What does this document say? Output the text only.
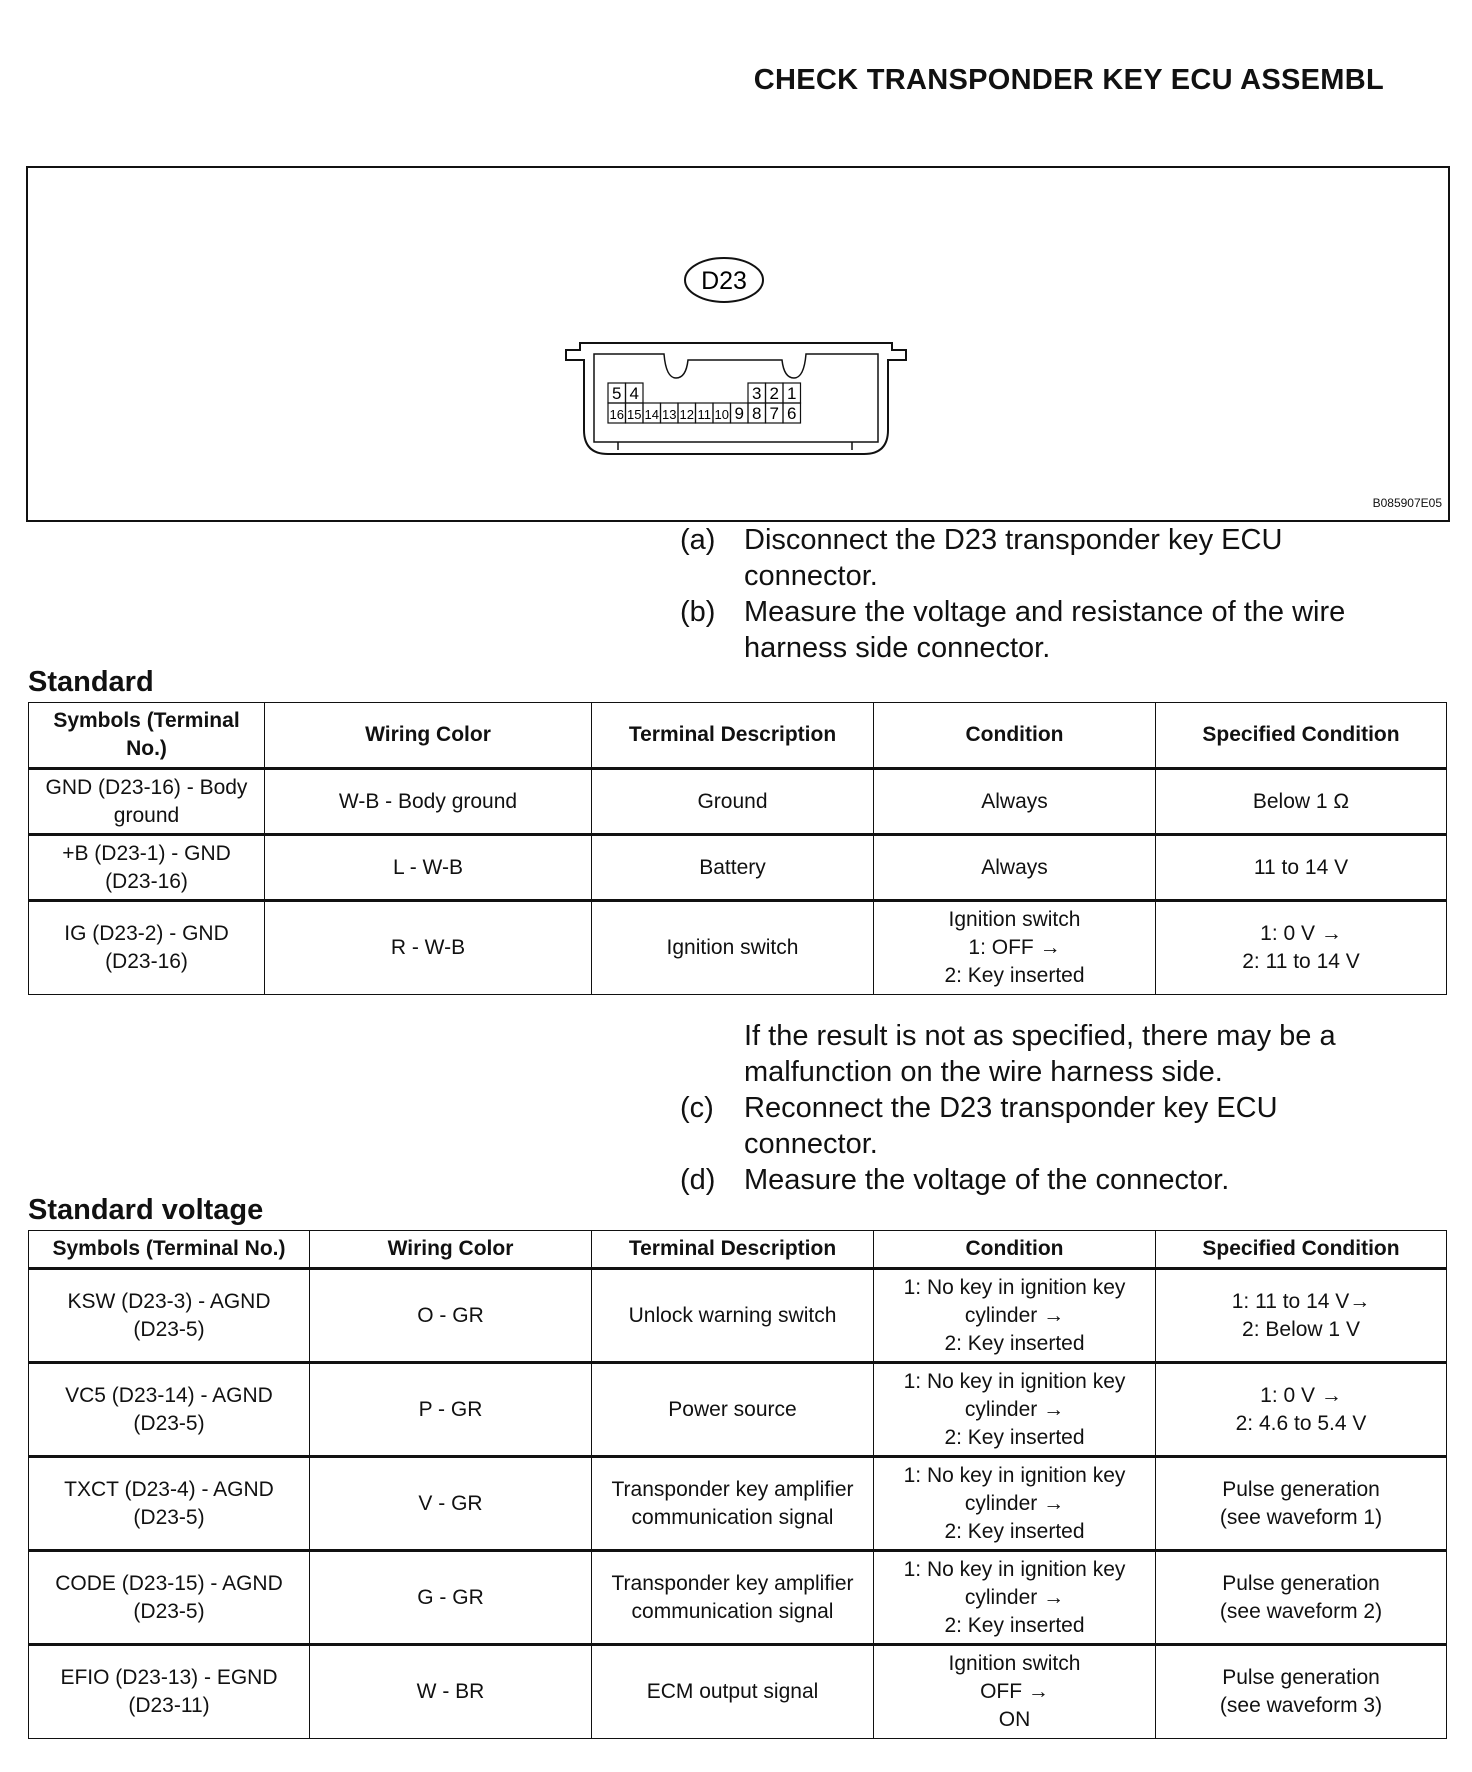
CHECK TRANSPONDER KEY ECU ASSEMBL
D23
5 4
16 15 14 13 12 11 10 9 8 7 6
3 2 1
B085907E05
(a) Disconnect the D23 transponder key ECU
connector.
(b) Measure the voltage and resistance of the wire
harness side connector.
Standard
Symbols (Terminal
No.)	Wiring Color	Terminal Description	Condition	Specified Condition

GND (D23-16) - Body
ground	W-B - Body ground	Ground	Always	Below 1 Ω

+B (D23-1) - GND
(D23-16)	L - W-B	Battery	Always	11 to 14 V

IG (D23-2) - GND
(D23-16)	R - W-B	Ignition switch	Ignition switch
1: OFF →
2: Key inserted	1: 0 V →
2: 11 to 14 V
If the result is not as specified, there may be a
malfunction on the wire harness side.
(c)	Reconnect the D23 transponder key ECU
connector.
(d) Measure the voltage of the connector.
Standard voltage
Symbols (Terminal No.)	Wiring Color	Terminal Description	Condition	Specified Condition

KSW (D23-3) - AGND
(D23-5)	O - GR	Unlock warning switch	1: No key in ignition key
cylinder →
2: Key inserted	1: 11 to 14 V→
2: Below 1 V

VC5 (D23-14) - AGND
(D23-5)	P - GR	Power source	1: No key in ignition key
cylinder →
2: Key inserted	1: 0 V →
2: 4.6 to 5.4 V

TXCT (D23-4) - AGND
(D23-5)	V - GR	Transponder key amplifier
communication signal	1: No key in ignition key
cylinder →
2: Key inserted	Pulse generation
(see waveform 1)

CODE (D23-15) - AGND
(D23-5)	G - GR	Transponder key amplifier
communication signal	1: No key in ignition key
cylinder →
2: Key inserted	Pulse generation
(see waveform 2)

EFIO (D23-13) - EGND
(D23-11)	W - BR	ECM output signal	Ignition switch
OFF →
ON	Pulse generation
(see waveform 3)
